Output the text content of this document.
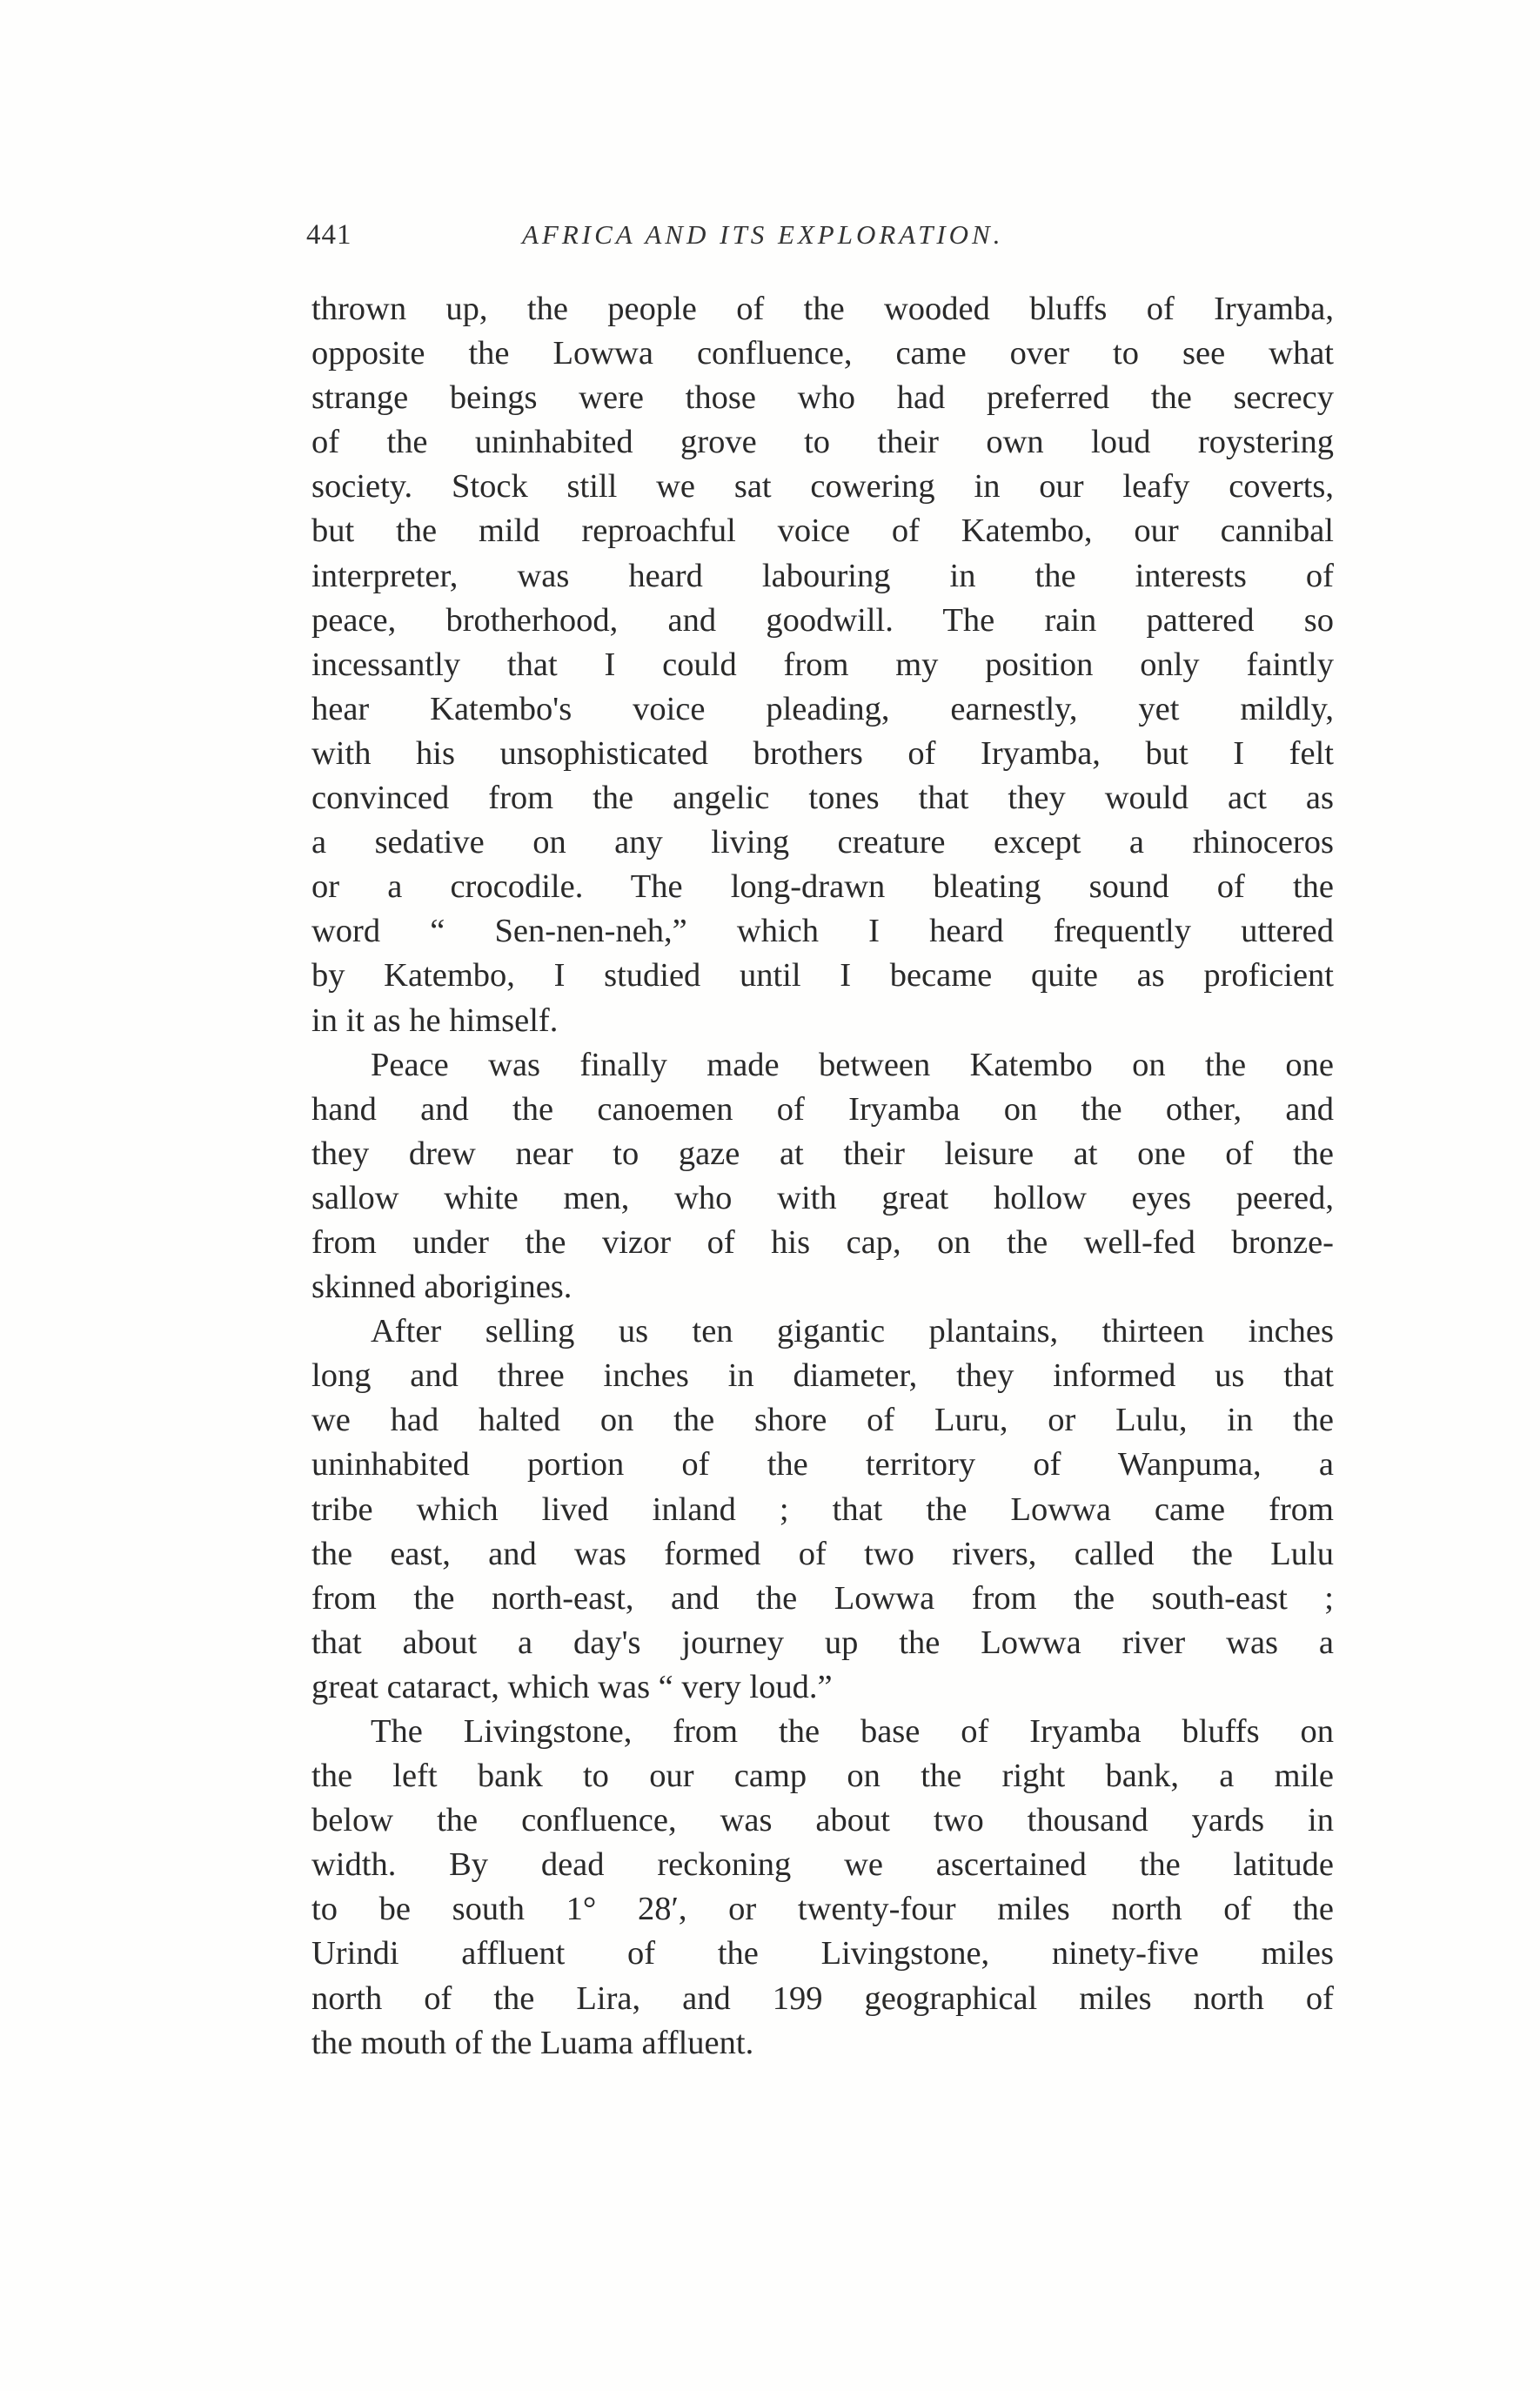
441	AFRICA AND ITS EXPLORATION.
thrown up, the people of the wooded bluffs of Iryamba,
opposite the Lowwa confluence, came over to see what
strange beings were those who had preferred the secrecy
of the uninhabited grove to their own loud roystering
society. Stock still we sat cowering in our leafy coverts,
but the mild reproachful voice of Katembo, our cannibal
interpreter, was heard labouring in the interests of
peace, brotherhood, and goodwill. The rain pattered so
incessantly that I could from my position only faintly
hear Katembo's voice pleading, earnestly, yet mildly,
with his unsophisticated brothers of Iryamba, but I felt
convinced from the angelic tones that they would act as
a sedative on any living creature except a rhinoceros
or a crocodile. The long-drawn bleating sound of the
word “ Sen-nen-neh,” which I heard frequently uttered
by Katembo, I studied until I became quite as proficient
in it as he himself.
Peace was finally made between Katembo on the one
hand and the canoemen of Iryamba on the other, and
they drew near to gaze at their leisure at one of the
sallow white men, who with great hollow eyes peered,
from under the vizor of his cap, on the well-fed bronze-
skinned aborigines.
After selling us ten gigantic plantains, thirteen inches
long and three inches in diameter, they informed us that
we had halted on the shore of Luru, or Lulu, in the
uninhabited portion of the territory of Wanpuma, a
tribe which lived inland ; that the Lowwa came from
the east, and was formed of two rivers, called the Lulu
from the north-east, and the Lowwa from the south-east ;
that about a day's journey up the Lowwa river was a
great cataract, which was “ very loud.”
The Livingstone, from the base of Iryamba bluffs on
the left bank to our camp on the right bank, a mile
below the confluence, was about two thousand yards in
width. By dead reckoning we ascertained the latitude
to be south 1° 28′, or twenty-four miles north of the
Urindi affluent of the Livingstone, ninety-five miles
north of the Lira, and 199 geographical miles north of
the mouth of the Luama affluent.
